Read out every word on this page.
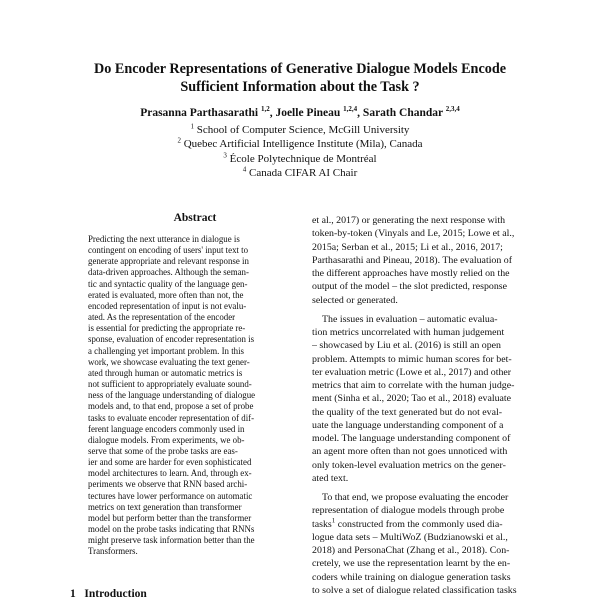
Do Encoder Representations of Generative Dialogue Models Encode
Sufficient Information about the Task ?
Prasanna Parthasarathi $^{1,2}$, Joelle Pineau $^{1,2,4}$, Sarath Chandar $^{2,3,4}$
$^1$ School of Computer Science, McGill University
$^2$ Quebec Artificial Intelligence Institute (Mila), Canada
$^3$ École Polytechnique de Montréal
$^4$ Canada CIFAR AI Chair
Abstract
Predicting the next utterance in dialogue is
contingent on encoding of users' input text to
generate appropriate and relevant response in
data-driven approaches. Although the seman-
tic and syntactic quality of the language gen-
erated is evaluated, more often than not, the
encoded representation of input is not evalu-
ated. As the representation of the encoder
is essential for predicting the appropriate re-
sponse, evaluation of encoder representation is
a challenging yet important problem. In this
work, we showcase evaluating the text gener-
ated through human or automatic metrics is
not sufficient to appropriately evaluate sound-
ness of the language understanding of dialogue
models and, to that end, propose a set of probe
tasks to evaluate encoder representation of dif-
ferent language encoders commonly used in
dialogue models. From experiments, we ob-
serve that some of the probe tasks are eas-
ier and some are harder for even sophisticated
model architectures to learn. And, through ex-
periments we observe that RNN based archi-
tectures have lower performance on automatic
metrics on text generation than transformer
model but perform better than the transformer
model on the probe tasks indicating that RNNs
might preserve task information better than the
Transformers.
1 Introduction
et al., 2017) or generating the next response with
token-by-token (Vinyals and Le, 2015; Lowe et al.,
2015a; Serban et al., 2015; Li et al., 2016, 2017;
Parthasarathi and Pineau, 2018). The evaluation of
the different approaches have mostly relied on the
output of the model – the slot predicted, response
selected or generated.
The issues in evaluation – automatic evalua-
tion metrics uncorrelated with human judgement
– showcased by Liu et al. (2016) is still an open
problem. Attempts to mimic human scores for bet-
ter evaluation metric (Lowe et al., 2017) and other
metrics that aim to correlate with the human judge-
ment (Sinha et al., 2020; Tao et al., 2018) evaluate
the quality of the text generated but do not eval-
uate the language understanding component of a
model. The language understanding component of
an agent more often than not goes unnoticed with
only token-level evaluation metrics on the gener-
ated text.
To that end, we propose evaluating the encoder
representation of dialogue models through probe
tasks$^1$ constructed from the commonly used dia-
logue data sets – MultiWoZ (Budzianowski et al.,
2018) and PersonaChat (Zhang et al., 2018). Con-
cretely, we use the representation learnt by the en-
coders while training on dialogue generation tasks
to solve a set of dialogue related classification tasks
